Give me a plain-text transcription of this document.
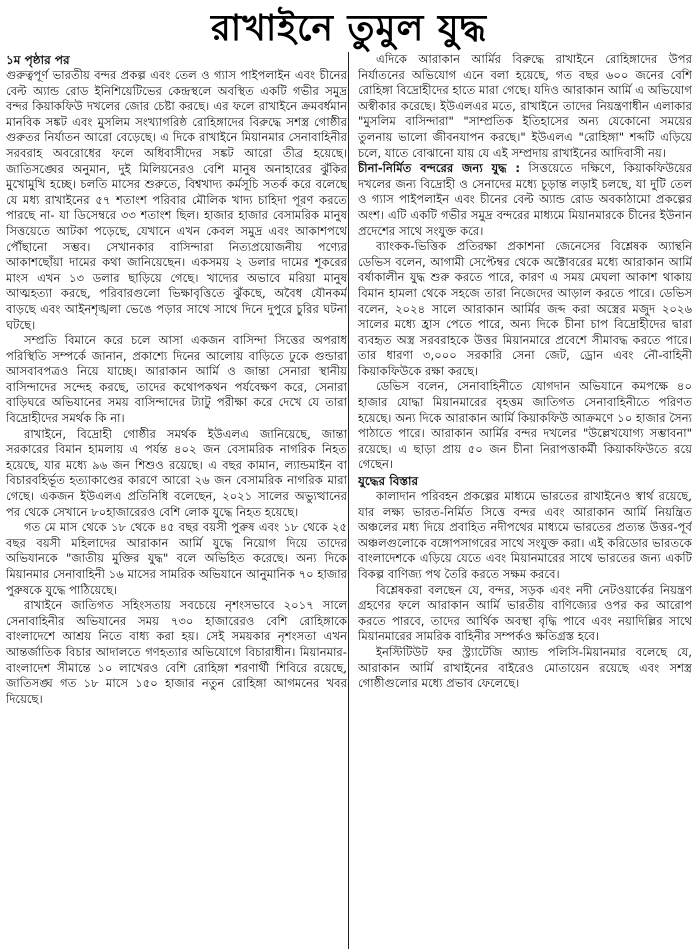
রাখাইনে তুমুল যুদ্ধ

১ম পৃষ্ঠার পর

গুরুত্বপূর্ণ ভারতীয় বন্দর প্রকল্প এবং তেল ও গ্যাস পাইপলাইন এবং চীনের বেল্ট অ্যান্ড রোড ইনিশিয়েটিভের কেন্দ্রস্থলে অবস্থিত একটি গভীর সমুদ্র বন্দর কিয়াকফিউ দখলের জোর চেষ্টা করছে। এর ফলে রাখাইনে ক্রমবর্ধমান মানবিক সঙ্কট এবং মুসলিম সংখ্যাগরিষ্ঠ রোহিঙ্গাদের বিরুদ্ধে সশস্ত্র গোষ্ঠীর গুরুতর নির্যাতন আরো বেড়েছে। এ দিকে রাখাইনে মিয়ানমার সেনাবাহিনীর সরবরাহ অবরোধের ফলে অধিবাসীদের সঙ্কট আরো তীব্র হয়েছে। জাতিসঙ্ঘের অনুমান, দুই মিলিয়নেরও বেশি মানুষ অনাহারের ঝুঁকির মুখোমুখি হচ্ছে। চলতি মাসের শুরুতে, বিশ্বখাদ্য কর্মসূচি সতর্ক করে বলেছে যে মধ্য রাখাইনের ৫৭ শতাংশ পরিবার মৌলিক খাদ্য চাহিদা পূরণ করতে পারছে না- যা ডিসেম্বরে ৩৩ শতাংশ ছিল। হাজার হাজার বেসামরিক মানুষ সিত্তয়েতে আটকা পড়েছে, যেখানে এখন কেবল সমুদ্র এবং আকাশপথে পৌঁছানো সম্ভব। সেখানকার বাসিন্দারা নিত্যপ্রয়োজনীয় পণ্যের আকাশছোঁয়া দামের কথা জানিয়েছেন। একসময় ২ ডলার দামের শূকরের মাংস এখন ১৩ ডলার ছাড়িয়ে গেছে। খাদ্যের অভাবে মরিয়া মানুষ আত্মহত্যা করছে, পরিবারগুলো ভিক্ষাবৃত্তিতে ঝুঁকছে, অবৈধ যৌনকর্ম বাড়ছে এবং আইনশৃঙ্খলা ভেঙে পড়ার সাথে সাথে দিনে দুপুরে চুরির ঘটনা ঘটছে।

সম্প্রতি বিমানে করে চলে আসা একজন বাসিন্দা সিত্তের অপরাধ পরিস্থিতি সম্পর্কে জানান, প্রকাশ্যে দিনের আলোয় বাড়িতে ঢুকে গুন্ডারা আসবাবপত্রও নিয়ে যাচ্ছে। আরাকান আর্মি ও জান্তা সেনারা স্থানীয় বাসিন্দাদের সন্দেহ করছে, তাদের কথোপকথন পর্যবেক্ষণ করে, সেনারা বাড়িঘরে অভিযানের সময় বাসিন্দাদের ট্যাটু পরীক্ষা করে দেখে যে তারা বিদ্রোহীদের সমর্থক কি না।

রাখাইনে, বিদ্রোহী গোষ্ঠীর সমর্থক ইউএলএ জানিয়েছে, জান্তা সরকারের বিমান হামলায় এ পর্যন্ত ৪০২ জন বেসামরিক নাগরিক নিহত হয়েছে, যার মধ্যে ৯৬ জন শিশুও রয়েছে। এ বছর কামান, ল্যান্ডমাইন বা বিচারবহির্ভূত হত্যাকাণ্ডের কারণে আরো ২৬ জন বেসামরিক নাগরিক মারা গেছে। একজন ইউএলএ প্রতিনিধি বলেছেন, ২০২১ সালের অভ্যুত্থানের পর থেকে সেখানে ৮০হাজারেরও বেশি লোক যুদ্ধে নিহত হয়েছে।

গত মে মাস থেকে ১৮ থেকে ৪৫ বছর বয়সী পুরুষ এবং ১৮ থেকে ২৫ বছর বয়সী মহিলাদের আরাকান আর্মি যুদ্ধে নিয়োগ দিয়ে তাদের অভিযানকে "জাতীয় মুক্তির যুদ্ধ" বলে অভিহিত করেছে। অন্য দিকে মিয়ানমার সেনাবাহিনী ১৬ মাসের সামরিক অভিযানে আনুমানিক ৭০ হাজার পুরুষকে যুদ্ধে পাঠিয়েছে।

রাখাইনে জাতিগত সহিংসতায় সবচেয়ে নৃশংসভাবে ২০১৭ সালে সেনাবাহিনীর অভিযানের সময় ৭৩০ হাজারেরও বেশি রোহিঙ্গাকে বাংলাদেশে আশ্রয় নিতে বাধ্য করা হয়। সেই সময়কার নৃশংসতা এখন আন্তর্জাতিক বিচার আদালতে গণহত্যার অভিযোগে বিচারাধীন। মিয়ানমার-বাংলাদেশ সীমান্তে ১০ লাখেরও বেশি রোহিঙ্গা শরণার্থী শিবিরে রয়েছে, জাতিসঙ্ঘ গত ১৮ মাসে ১৫০ হাজার নতুন রোহিঙ্গা আগমনের খবর দিয়েছে।

এদিকে আরাকান আর্মির বিরুদ্ধে রাখাইনে রোহিঙ্গাদের উপর নির্যাতনের অভিযোগ এনে বলা হয়েছে, গত বছর ৬০০ জনের বেশি রোহিঙ্গা বিদ্রোহীদের হাতে মারা গেছে। যদিও আরাকান আর্মি এ অভিযোগ অস্বীকার করেছে। ইউএলএর মতে, রাখাইনে তাদের নিয়ন্ত্রণাধীন এলাকার "মুসলিম বাসিন্দারা" "সাম্প্রতিক ইতিহাসের অন্য যেকোনো সময়ের তুলনায় ভালো জীবনযাপন করছে।" ইউএলএ "রোহিঙ্গা" শব্দটি এড়িয়ে চলে, যাতে বোঝানো যায় যে এই সম্প্রদায় রাখাইনের আদিবাসী নয়।

চীনা-নির্মিত বন্দরের জন্য যুদ্ধ : সিত্তয়েতে দক্ষিণে, কিয়াকফিউয়ের দখলের জন্য বিদ্রোহী ও সেনাদের মধ্যে চূড়ান্ত লড়াই চলছে, যা দুটি তেল ও গ্যাস পাইপলাইন এবং চীনের বেল্ট অ্যান্ড রোড অবকাঠামো প্রকল্পের অংশ। এটি একটি গভীর সমুদ্র বন্দরের মাধ্যমে মিয়ানমারকে চীনের ইউনান প্রদেশের সাথে সংযুক্ত করে।

ব্যাংকক-ভিত্তিক প্রতিরক্ষা প্রকাশনা জেনেসের বিশ্লেষক অ্যান্থনি ডেভিস বলেন, আগামী সেপ্টেম্বর থেকে অক্টোবরের মধ্যে আরাকান আর্মি বর্ষাকালীন যুদ্ধ শুরু করতে পারে, কারণ এ সময় মেঘলা আকাশ থাকায় বিমান হামলা থেকে সহজে তারা নিজেদের আড়াল করতে পারে। ডেভিস বলেন, ২০২৪ সালে আরাকান আর্মির জব্দ করা অস্ত্রের মজুদ ২০২৬ সালের মধ্যে হ্রাস পেতে পারে, অন্য দিকে চীনা চাপ বিদ্রোহীদের দ্বারা ব্যবহৃত অস্ত্র সরবরাহকে উত্তর মিয়ানমারে প্রবেশে সীমাবদ্ধ করতে পারে। তার ধারণা ৩,০০০ সরকারি সেনা জেট, ড্রোন এবং নৌ-বাহিনী কিয়াকফিউকে রক্ষা করছে।

ডেভিস বলেন, সেনাবাহিনীতে যোগদান অভিযানে কমপক্ষে ৪০ হাজার যোদ্ধা মিয়ানমারের বৃহত্তম জাতিগত সেনাবাহিনীতে পরিণত হয়েছে। অন্য দিকে আরাকান আর্মি কিয়াকফিউ আক্রমণে ১০ হাজার সৈন্য পাঠাতে পারে। আরাকান আর্মির বন্দর দখলের "উল্লেখযোগ্য সম্ভাবনা" রয়েছে। এ ছাড়া প্রায় ৫০ জন চীনা নিরাপত্তাকর্মী কিয়াকফিউতে রয়ে গেছেন।

যুদ্ধের বিস্তার

কালাদান পরিবহন প্রকল্পের মাধ্যমে ভারতের রাখাইনেও স্বার্থ রয়েছে, যার লক্ষ্য ভারত-নির্মিত সিত্তে বন্দর এবং আরাকান আর্মি নিয়ন্ত্রিত অঞ্চলের মধ্য দিয়ে প্রবাহিত নদীপথের মাধ্যমে ভারতের প্রত্যন্ত উত্তর-পূর্ব অঞ্চলগুলোকে বঙ্গোপসাগরের সাথে সংযুক্ত করা। এই করিডোর ভারতকে বাংলাদেশকে এড়িয়ে যেতে এবং মিয়ানমারের সাথে ভারতের জন্য একটি বিকল্প বাণিজ্য পথ তৈরি করতে সক্ষম করবে।

বিশ্লেষকরা বলছেন যে, বন্দর, সড়ক এবং নদী নেটওয়ার্কের নিয়ন্ত্রণ গ্রহণের ফলে আরাকান আর্মি ভারতীয় বাণিজ্যের ওপর কর আরোপ করতে পারবে, তাদের আর্থিক অবস্থা বৃদ্ধি পাবে এবং নয়াদিল্লির সাথে মিয়ানমারের সামরিক বাহিনীর সম্পর্কও ক্ষতিগ্রস্ত হবে।

ইনস্টিটিউট ফর স্ট্র্যাটেজি অ্যান্ড পলিসি-মিয়ানমার বলেছে যে, আরাকান আর্মি রাখাইনের বাইরেও মোতায়েন রয়েছে এবং সশস্ত্র গোষ্ঠীগুলোর মধ্যে প্রভাব ফেলেছে।
